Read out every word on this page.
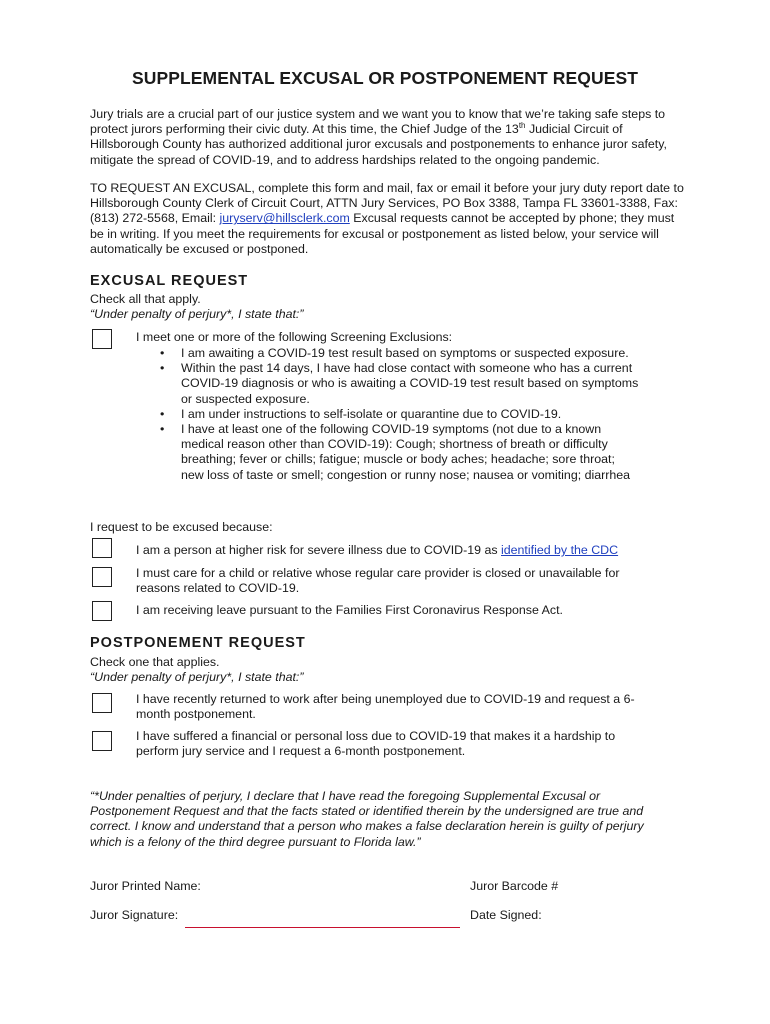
SUPPLEMENTAL EXCUSAL OR POSTPONEMENT REQUEST
Jury trials are a crucial part of our justice system and we want you to know that we’re taking safe steps to protect jurors performing their civic duty. At this time, the Chief Judge of the 13th Judicial Circuit of Hillsborough County has authorized additional juror excusals and postponements to enhance juror safety, mitigate the spread of COVID-19, and to address hardships related to the ongoing pandemic.
TO REQUEST AN EXCUSAL, complete this form and mail, fax or email it before your jury duty report date to Hillsborough County Clerk of Circuit Court, ATTN Jury Services, PO Box 3388, Tampa FL 33601-3388, Fax: (813) 272-5568, Email: juryserv@hillsclerk.com Excusal requests cannot be accepted by phone; they must be in writing. If you meet the requirements for excusal or postponement as listed below, your service will automatically be excused or postponed.
EXCUSAL REQUEST
Check all that apply.
“Under penalty of perjury*, I state that:”
I meet one or more of the following Screening Exclusions:
• I am awaiting a COVID-19 test result based on symptoms or suspected exposure.
• Within the past 14 days, I have had close contact with someone who has a current COVID-19 diagnosis or who is awaiting a COVID-19 test result based on symptoms or suspected exposure.
• I am under instructions to self-isolate or quarantine due to COVID-19.
• I have at least one of the following COVID-19 symptoms (not due to a known medical reason other than COVID-19): Cough; shortness of breath or difficulty breathing; fever or chills; fatigue; muscle or body aches; headache; sore throat; new loss of taste or smell; congestion or runny nose; nausea or vomiting; diarrhea
I request to be excused because:
I am a person at higher risk for severe illness due to COVID-19 as identified by the CDC
I must care for a child or relative whose regular care provider is closed or unavailable for reasons related to COVID-19.
I am receiving leave pursuant to the Families First Coronavirus Response Act.
POSTPONEMENT REQUEST
Check one that applies.
“Under penalty of perjury*, I state that:”
I have recently returned to work after being unemployed due to COVID-19 and request a 6-month postponement.
I have suffered a financial or personal loss due to COVID-19 that makes it a hardship to perform jury service and I request a 6-month postponement.
“*Under penalties of perjury, I declare that I have read the foregoing Supplemental Excusal or Postponement Request and that the facts stated or identified therein by the undersigned are true and correct. I know and understand that a person who makes a false declaration herein is guilty of perjury which is a felony of the third degree pursuant to Florida law.”
Juror Printed Name:	Juror Barcode #
Juror Signature:	Date Signed:
